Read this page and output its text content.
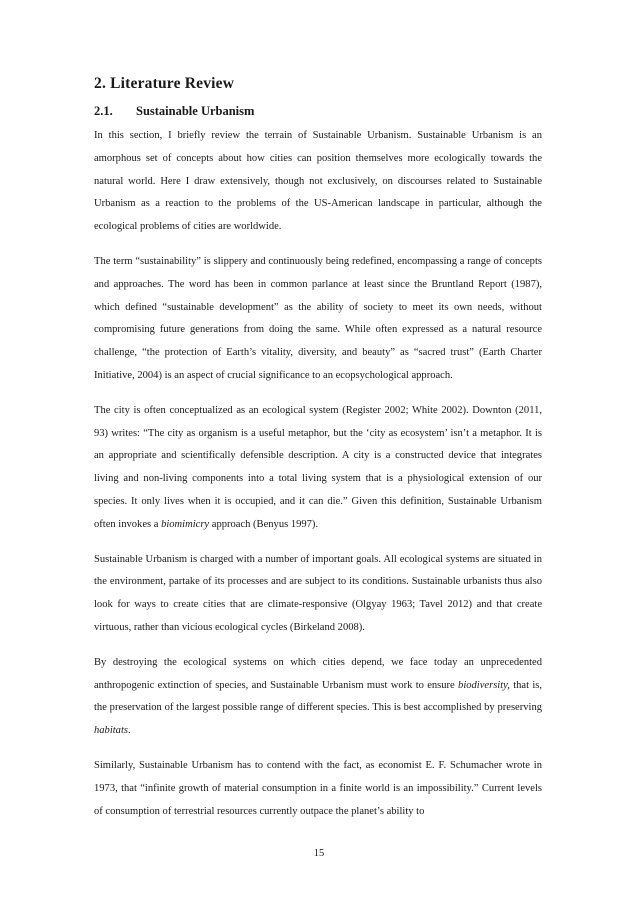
2. Literature Review
2.1. Sustainable Urbanism

In this section, I briefly review the terrain of Sustainable Urbanism. Sustainable Urbanism is an amorphous set of concepts about how cities can position themselves more ecologically towards the natural world. Here I draw extensively, though not exclusively, on discourses related to Sustainable Urbanism as a reaction to the problems of the US-American landscape in particular, although the ecological problems of cities are worldwide.

The term “sustainability” is slippery and continuously being redefined, encompassing a range of concepts and approaches. The word has been in common parlance at least since the Bruntland Report (1987), which defined “sustainable development” as the ability of society to meet its own needs, without compromising future generations from doing the same. While often expressed as a natural resource challenge, “the protection of Earth’s vitality, diversity, and beauty” as “sacred trust” (Earth Charter Initiative, 2004) is an aspect of crucial significance to an ecopsychological approach.

The city is often conceptualized as an ecological system (Register 2002; White 2002). Downton (2011, 93) writes: “The city as organism is a useful metaphor, but the ‘city as ecosystem’ isn’t a metaphor. It is an appropriate and scientifically defensible description. A city is a constructed device that integrates living and non-living components into a total living system that is a physiological extension of our species. It only lives when it is occupied, and it can die.” Given this definition, Sustainable Urbanism often invokes a biomimicry approach (Benyus 1997).

Sustainable Urbanism is charged with a number of important goals. All ecological systems are situated in the environment, partake of its processes and are subject to its conditions. Sustainable urbanists thus also look for ways to create cities that are climate-responsive (Olgyay 1963; Tavel 2012) and that create virtuous, rather than vicious ecological cycles (Birkeland 2008).

By destroying the ecological systems on which cities depend, we face today an unprecedented anthropogenic extinction of species, and Sustainable Urbanism must work to ensure biodiversity, that is, the preservation of the largest possible range of different species. This is best accomplished by preserving habitats.

Similarly, Sustainable Urbanism has to contend with the fact, as economist E. F. Schumacher wrote in 1973, that “infinite growth of material consumption in a finite world is an impossibility.” Current levels of consumption of terrestrial resources currently outpace the planet’s ability to

15
